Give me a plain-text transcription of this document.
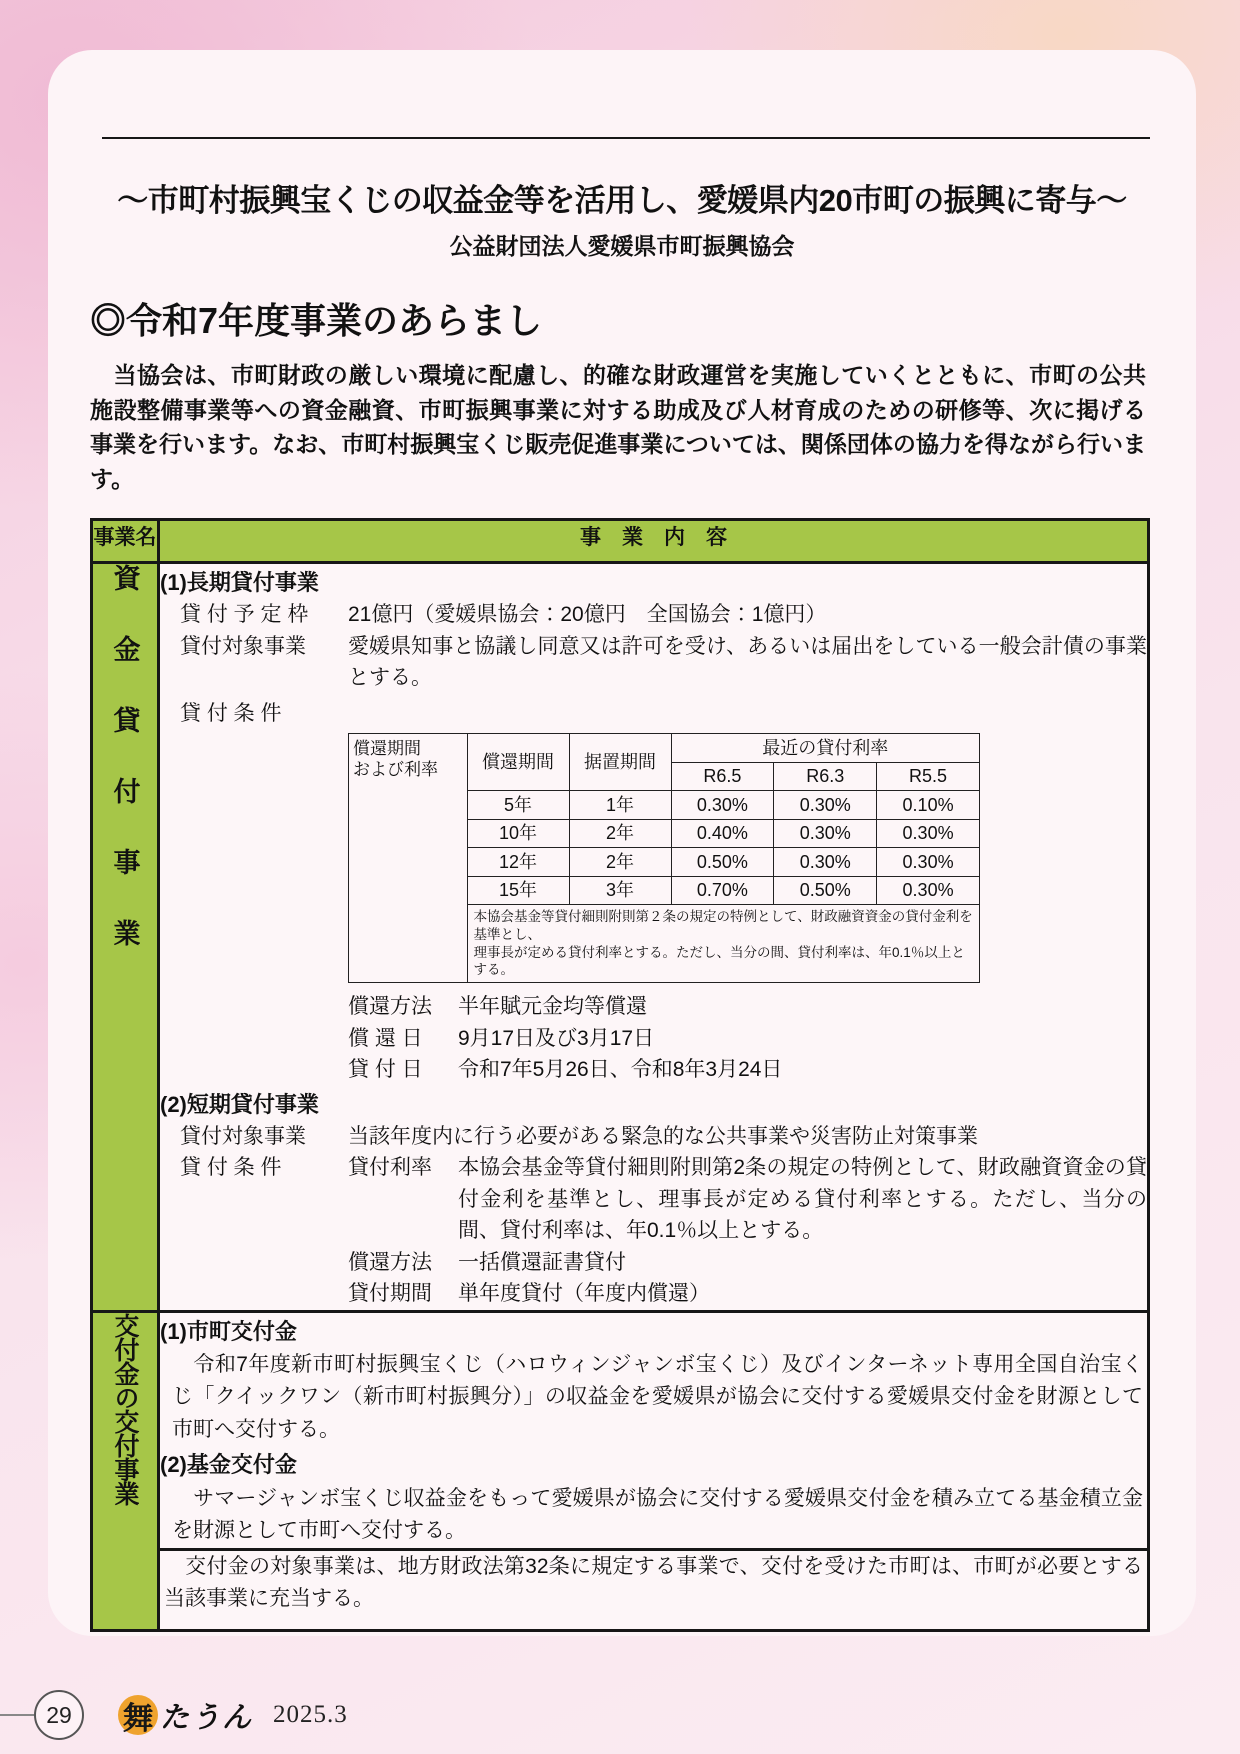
～市町村振興宝くじの収益金等を活用し、愛媛県内20市町の振興に寄与～
公益財団法人愛媛県市町振興協会
◎令和7年度事業のあらまし
　当協会は、市町財政の厳しい環境に配慮し、的確な財政運営を実施していくとともに、市町の公共施設整備事業等への資金融資、市町振興事業に対する助成及び人材育成のための研修等、次に掲げる事業を行います。なお、市町村振興宝くじ販売促進事業については、関係団体の協力を得ながら行います。
事業名	事　業　内　容

資金貸付事業	(1)長期貸付事業
貸 付 予 定 枠	21億円（愛媛県協会：20億円　全国協会：1億円）
貸付対象事業	愛媛県知事と協議し同意又は許可を受け、あるいは届出をしている一般会計債の事業とする。
貸 付 条 件
償還期間
および利率	償還期間	据置期間	最近の貸付利率
R6.5	R6.3	R5.5
5年	1年	0.30%	0.30%	0.10%
10年	2年	0.40%	0.30%	0.30%
12年	2年	0.50%	0.30%	0.30%
15年	3年	0.70%	0.50%	0.30%

本協会基金等貸付細則附則第２条の規定の特例として、財政融資資金の貸付金利を基準とし、
理事長が定める貸付利率とする。ただし、当分の間、貸付利率は、年0.1％以上とする。
償還方法	半年賦元金均等償還
償 還 日	9月17日及び3月17日
貸 付 日	令和7年5月26日、令和8年3月24日
(2)短期貸付事業
貸付対象事業	当該年度内に行う必要がある緊急的な公共事業や災害防止対策事業
貸 付 条 件	貸付利率	本協会基金等貸付細則附則第2条の規定の特例として、財政融資資金の貸付金利を基準とし、理事長が定める貸付利率とする。ただし、当分の間、貸付利率は、年0.1％以上とする。
償還方法	一括償還証書貸付
貸付期間	単年度貸付（年度内償還）

交付金の交付事業	(1)市町交付金
　令和7年度新市町村振興宝くじ（ハロウィンジャンボ宝くじ）及びインターネット専用全国自治宝くじ「クイックワン（新市町村振興分）」の収益金を愛媛県が協会に交付する愛媛県交付金を財源として市町へ交付する。
(2)基金交付金
　サマージャンボ宝くじ収益金をもって愛媛県が協会に交付する愛媛県交付金を積み立てる基金積立金を財源として市町へ交付する。

　交付金の対象事業は、地方財政法第32条に規定する事業で、交付を受けた市町は、市町が必要とする当該事業に充当する。
29	舞 たうん 2025.3
